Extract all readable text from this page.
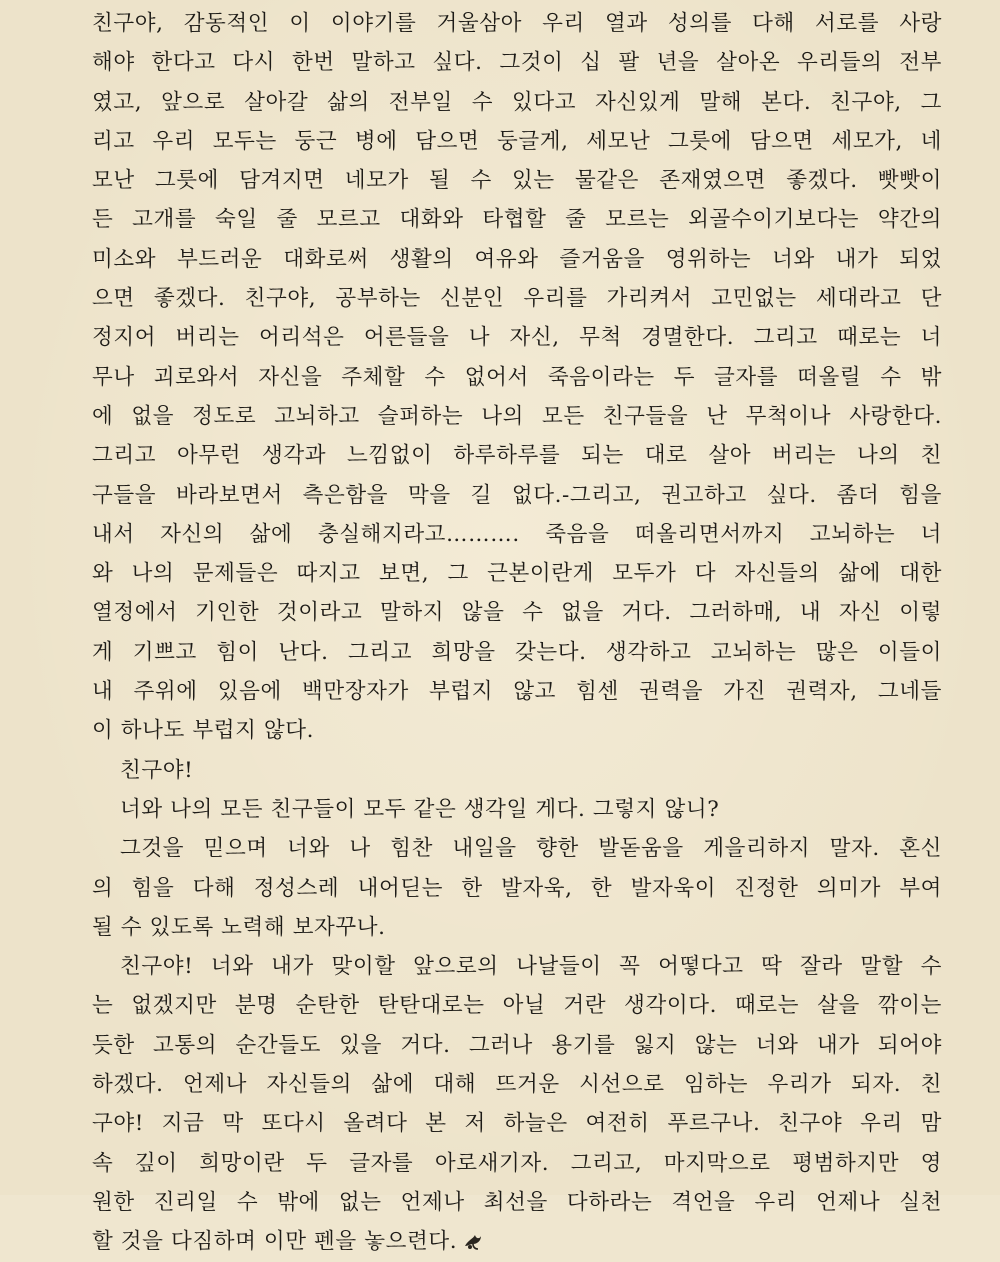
친구야, 감동적인 이 이야기를 거울삼아 우리 열과 성의를 다해 서로를 사랑
해야 한다고 다시 한번 말하고 싶다. 그것이 십 팔 년을 살아온 우리들의 전부
였고, 앞으로 살아갈 삶의 전부일 수 있다고 자신있게 말해 본다. 친구야, 그
리고 우리 모두는 둥근 병에 담으면 둥글게, 세모난 그릇에 담으면 세모가, 네
모난 그릇에 담겨지면 네모가 될 수 있는 물같은 존재였으면 좋겠다. 빳빳이
든 고개를 숙일 줄 모르고 대화와 타협할 줄 모르는 외골수이기보다는 약간의
미소와 부드러운 대화로써 생활의 여유와 즐거움을 영위하는 너와 내가 되었
으면 좋겠다. 친구야, 공부하는 신분인 우리를 가리켜서 고민없는 세대라고 단
정지어 버리는 어리석은 어른들을 나 자신, 무척 경멸한다. 그리고 때로는 너
무나 괴로와서 자신을 주체할 수 없어서 죽음이라는 두 글자를 떠올릴 수 밖
에 없을 정도로 고뇌하고 슬퍼하는 나의 모든 친구들을 난 무척이나 사랑한다.
그리고 아무런 생각과 느낌없이 하루하루를 되는 대로 살아 버리는 나의 친
구들을 바라보면서 측은함을 막을 길 없다.-그리고, 권고하고 싶다. 좀더 힘을
내서 자신의 삶에 충실해지라고………. 죽음을 떠올리면서까지 고뇌하는 너
와 나의 문제들은 따지고 보면, 그 근본이란게 모두가 다 자신들의 삶에 대한
열정에서 기인한 것이라고 말하지 않을 수 없을 거다. 그러하매, 내 자신 이렇
게 기쁘고 힘이 난다. 그리고 희망을 갖는다. 생각하고 고뇌하는 많은 이들이
내 주위에 있음에 백만장자가 부럽지 않고 힘센 권력을 가진 권력자, 그네들
이 하나도 부럽지 않다.
친구야!
너와 나의 모든 친구들이 모두 같은 생각일 게다. 그렇지 않니?
그것을 믿으며 너와 나 힘찬 내일을 향한 발돋움을 게을리하지 말자. 혼신
의 힘을 다해 정성스레 내어딛는 한 발자욱, 한 발자욱이 진정한 의미가 부여
될 수 있도록 노력해 보자꾸나.
친구야! 너와 내가 맞이할 앞으로의 나날들이 꼭 어떻다고 딱 잘라 말할 수
는 없겠지만 분명 순탄한 탄탄대로는 아닐 거란 생각이다. 때로는 살을 깎이는
듯한 고통의 순간들도 있을 거다. 그러나 용기를 잃지 않는 너와 내가 되어야
하겠다. 언제나 자신들의 삶에 대해 뜨거운 시선으로 임하는 우리가 되자. 친
구야! 지금 막 또다시 올려다 본 저 하늘은 여전히 푸르구나. 친구야 우리 맘
속 깊이 희망이란 두 글자를 아로새기자. 그리고, 마지막으로 평범하지만 영
원한 진리일 수 밖에 없는 언제나 최선을 다하라는 격언을 우리 언제나 실천
할 것을 다짐하며 이만 펜을 놓으련다.
